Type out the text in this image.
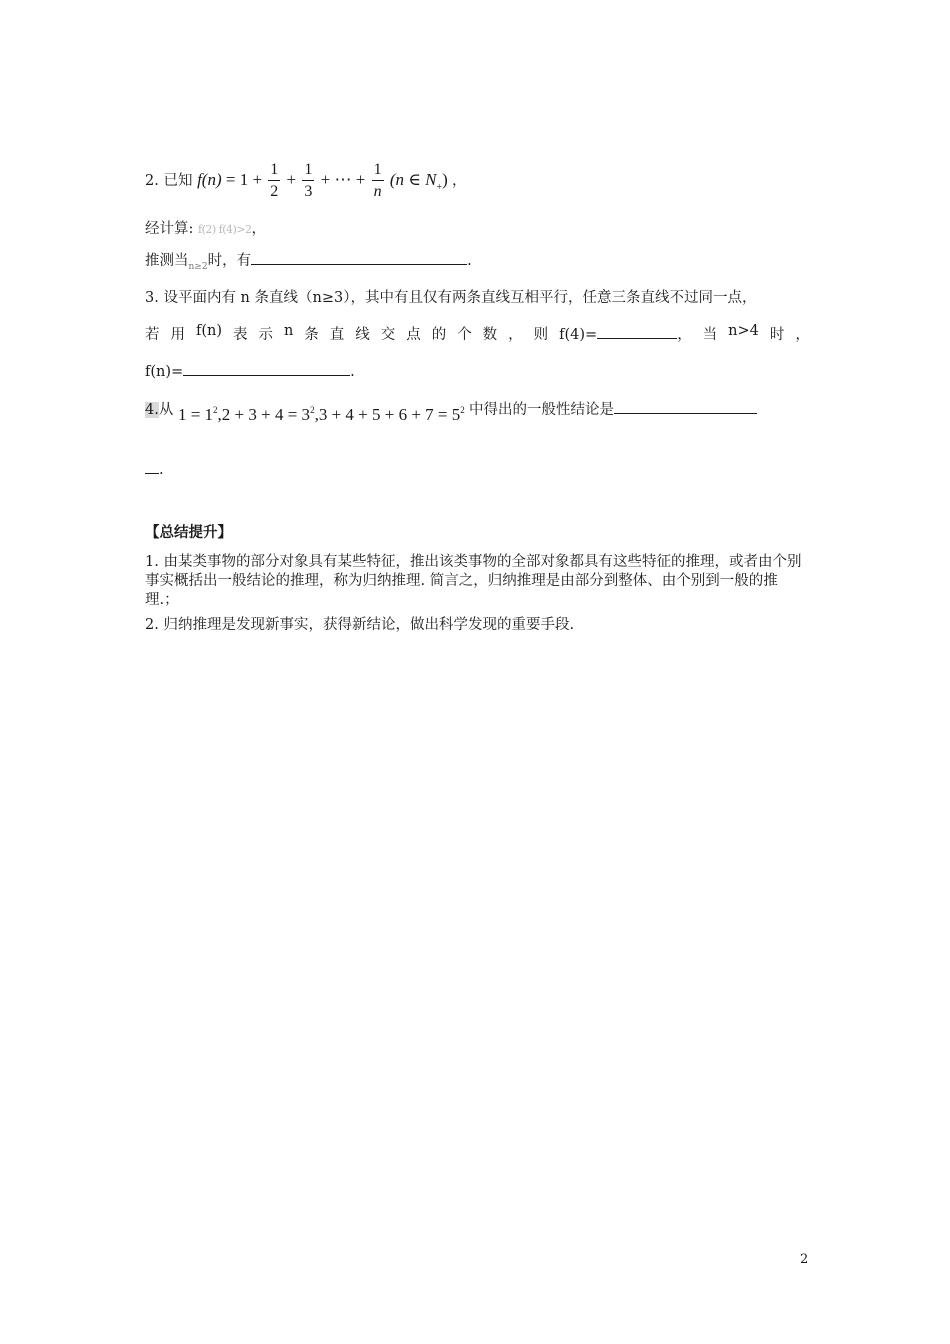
2. 已知 $f(n) = 1 + \frac{1}{2} + \frac{1}{3}$ + ⋯ + $\frac{1}{n} (n$ ∈ $N_+$) ，
经计算: f(2) f(4)>2，
推测当$_{n\ge 2}$时，有	.
3. 设平面内有 n 条直线（n≥3），其中有且仅有两条直线互相平行，任意三条直线不过同一点，
若 用 f(n) 表 示 n 条 直 线 交 点 的 个 数 ， 则 f(4)=	， 当 n>4 时 ，
f(n)=	.
4.从 $1 = 1^2,2 + 3 + 4 = 3^2,3 + 4 + 5 + 6 + 7 = 5^2$ 中得出的一般性结论是
.
【总结提升】
1. 由某类事物的部分对象具有某些特征，推出该类事物的全部对象都具有这些特征的推理，或者由个别事实概括出一般结论的推理，称为归纳推理. 简言之，归纳推理是由部分到整体、由个别到一般的推理.；
2. 归纳推理是发现新事实，获得新结论，做出科学发现的重要手段.
2
